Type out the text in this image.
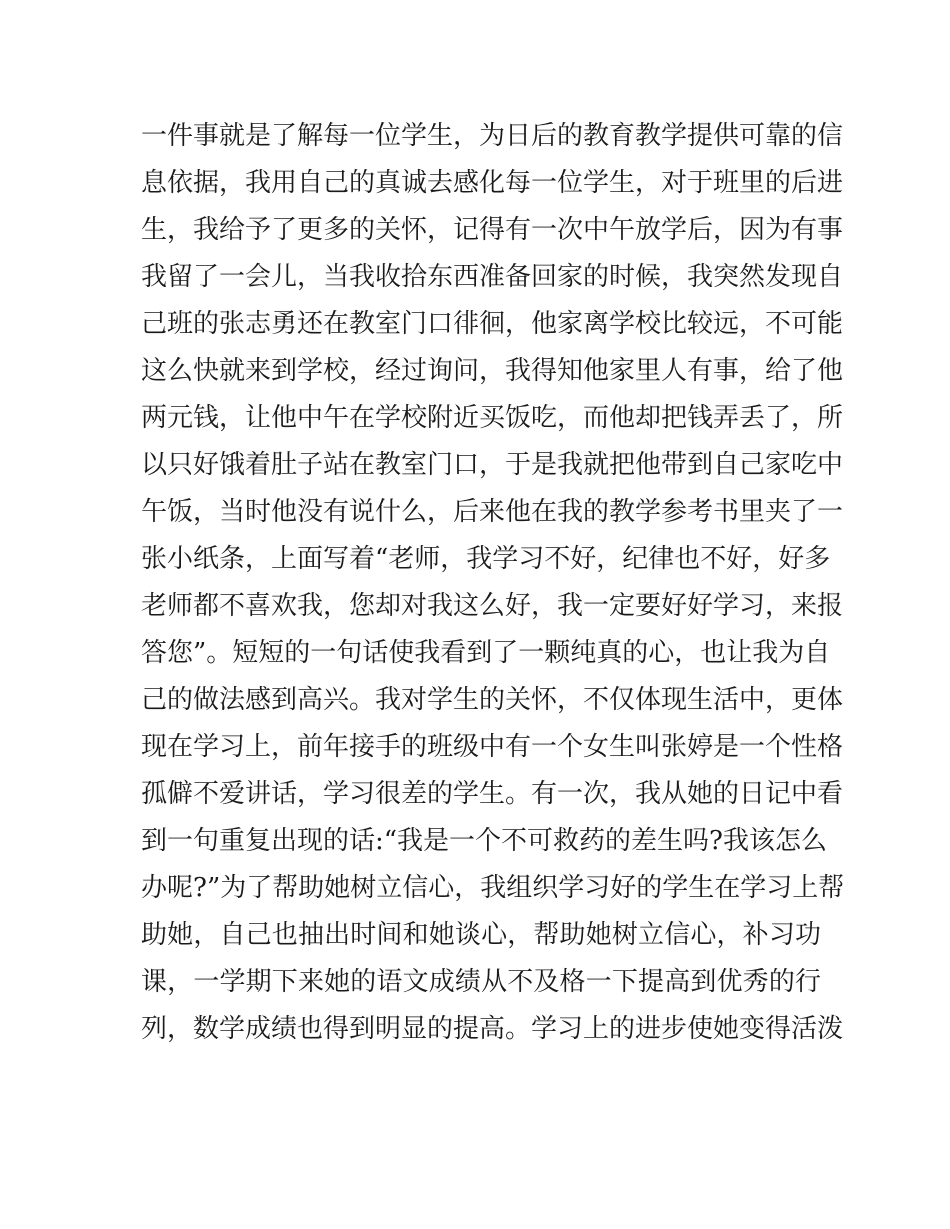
一件事就是了解每一位学生，为日后的教育教学提供可靠的信
息依据，我用自己的真诚去感化每一位学生，对于班里的后进
生，我给予了更多的关怀，记得有一次中午放学后，因为有事
我留了一会儿，当我收拾东西准备回家的时候，我突然发现自
己班的张志勇还在教室门口徘徊，他家离学校比较远，不可能
这么快就来到学校，经过询问，我得知他家里人有事，给了他
两元钱，让他中午在学校附近买饭吃，而他却把钱弄丢了，所
以只好饿着肚子站在教室门口，于是我就把他带到自己家吃中
午饭，当时他没有说什么，后来他在我的教学参考书里夹了一
张小纸条，上面写着“老师，我学习不好，纪律也不好，好多
老师都不喜欢我，您却对我这么好，我一定要好好学习，来报
答您”。短短的一句话使我看到了一颗纯真的心，也让我为自
己的做法感到高兴。我对学生的关怀，不仅体现生活中，更体
现在学习上，前年接手的班级中有一个女生叫张婷是一个性格
孤僻不爱讲话，学习很差的学生。有一次，我从她的日记中看
到一句重复出现的话:“我是一个不可救药的差生吗?我该怎么
办呢?”为了帮助她树立信心，我组织学习好的学生在学习上帮
助她，自己也抽出时间和她谈心，帮助她树立信心，补习功
课，一学期下来她的语文成绩从不及格一下提高到优秀的行
列，数学成绩也得到明显的提高。学习上的进步使她变得活泼
